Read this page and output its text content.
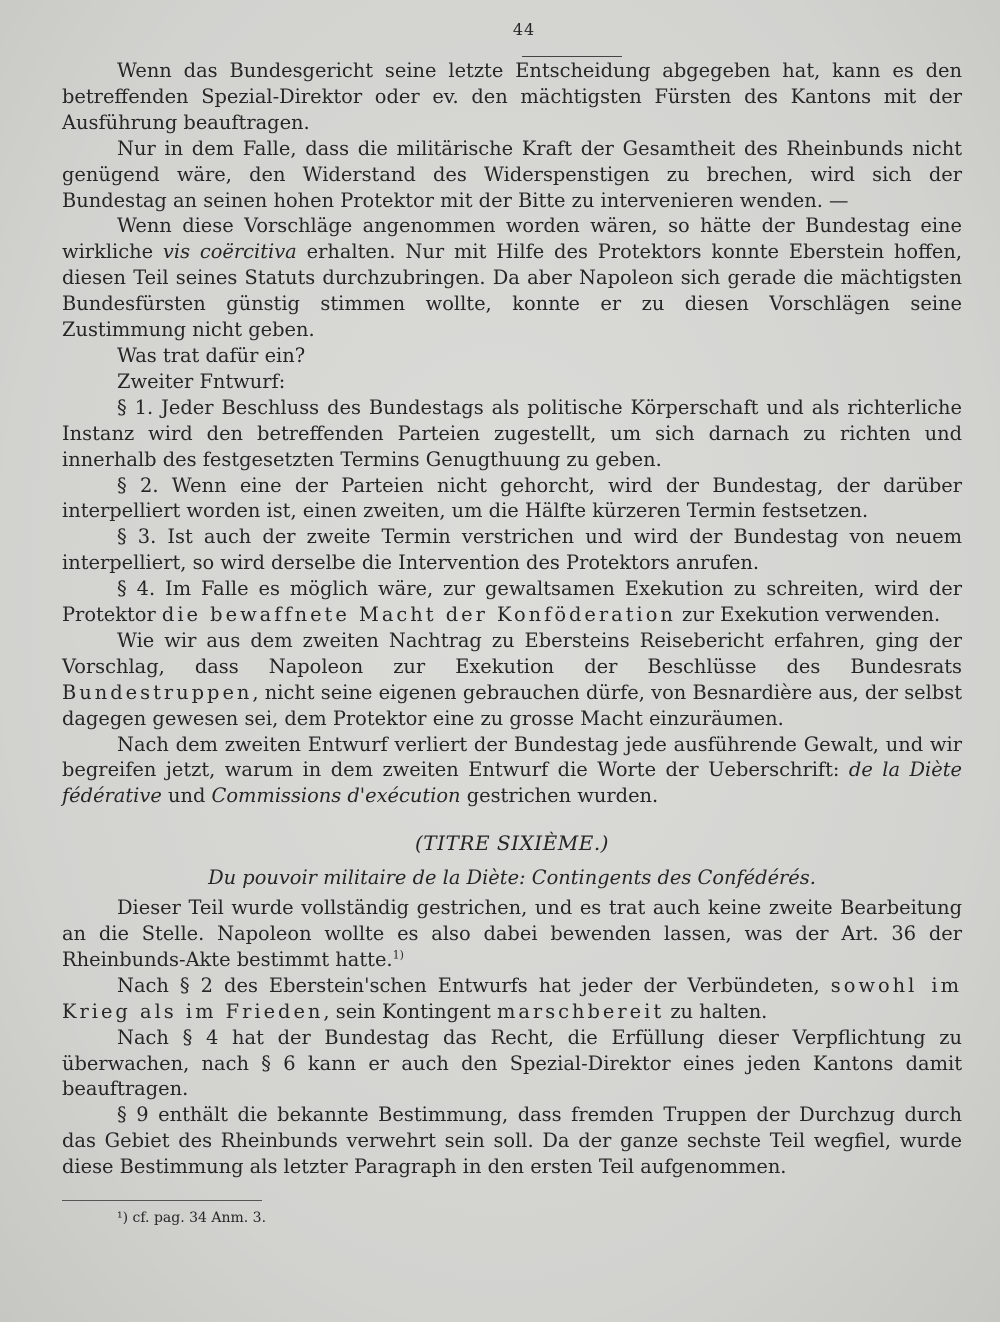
44

Wenn das Bundesgericht seine letzte Entscheidung abgegeben hat, kann es den betreffenden Spezial-Direktor oder ev. den mächtigsten Fürsten des Kantons mit der Ausführung beauftragen.

Nur in dem Falle, dass die militärische Kraft der Gesamtheit des Rheinbunds nicht genügend wäre, den Widerstand des Widerspenstigen zu brechen, wird sich der Bundestag an seinen hohen Protektor mit der Bitte zu intervenieren wenden. —

Wenn diese Vorschläge angenommen worden wären, so hätte der Bundestag eine wirkliche vis coërcitiva erhalten. Nur mit Hilfe des Protektors konnte Eberstein hoffen, diesen Teil seines Statuts durchzubringen. Da aber Napoleon sich gerade die mächtigsten Bundesfürsten günstig stimmen wollte, konnte er zu diesen Vorschlägen seine Zustimmung nicht geben.

Was trat dafür ein?

Zweiter Fntwurf:

§ 1. Jeder Beschluss des Bundestags als politische Körperschaft und als richterliche Instanz wird den betreffenden Parteien zugestellt, um sich darnach zu richten und innerhalb des festgesetzten Termins Genugthuung zu geben.

§ 2. Wenn eine der Parteien nicht gehorcht, wird der Bundestag, der darüber interpelliert worden ist, einen zweiten, um die Hälfte kürzeren Termin festsetzen.

§ 3. Ist auch der zweite Termin verstrichen und wird der Bundestag von neuem interpelliert, so wird derselbe die Intervention des Protektors anrufen.

§ 4. Im Falle es möglich wäre, zur gewaltsamen Exekution zu schreiten, wird der Protektor die bewaffnete Macht der Konföderation zur Exekution verwenden.

Wie wir aus dem zweiten Nachtrag zu Ebersteins Reisebericht erfahren, ging der Vorschlag, dass Napoleon zur Exekution der Beschlüsse des Bundesrats Bundestruppen, nicht seine eigenen gebrauchen dürfe, von Besnardière aus, der selbst dagegen gewesen sei, dem Protektor eine zu grosse Macht einzuräumen.

Nach dem zweiten Entwurf verliert der Bundestag jede ausführende Gewalt, und wir begreifen jetzt, warum in dem zweiten Entwurf die Worte der Ueberschrift: de la Diète fédérative und Commissions d'exécution gestrichen wurden.

(TITRE SIXIÈME.)
Du pouvoir militaire de la Diète: Contingents des Confédérés.

Dieser Teil wurde vollständig gestrichen, und es trat auch keine zweite Bearbeitung an die Stelle. Napoleon wollte es also dabei bewenden lassen, was der Art. 36 der Rheinbunds-Akte bestimmt hatte.$^{1)}$

Nach § 2 des Eberstein'schen Entwurfs hat jeder der Verbündeten, sowohl im Krieg als im Frieden, sein Kontingent marschbereit zu halten.

Nach § 4 hat der Bundestag das Recht, die Erfüllung dieser Verpflichtung zu überwachen, nach § 6 kann er auch den Spezial-Direktor eines jeden Kantons damit beauftragen.

§ 9 enthält die bekannte Bestimmung, dass fremden Truppen der Durchzug durch das Gebiet des Rheinbunds verwehrt sein soll. Da der ganze sechste Teil wegfiel, wurde diese Bestimmung als letzter Paragraph in den ersten Teil aufgenommen.

¹) cf. pag. 34 Anm. 3.
